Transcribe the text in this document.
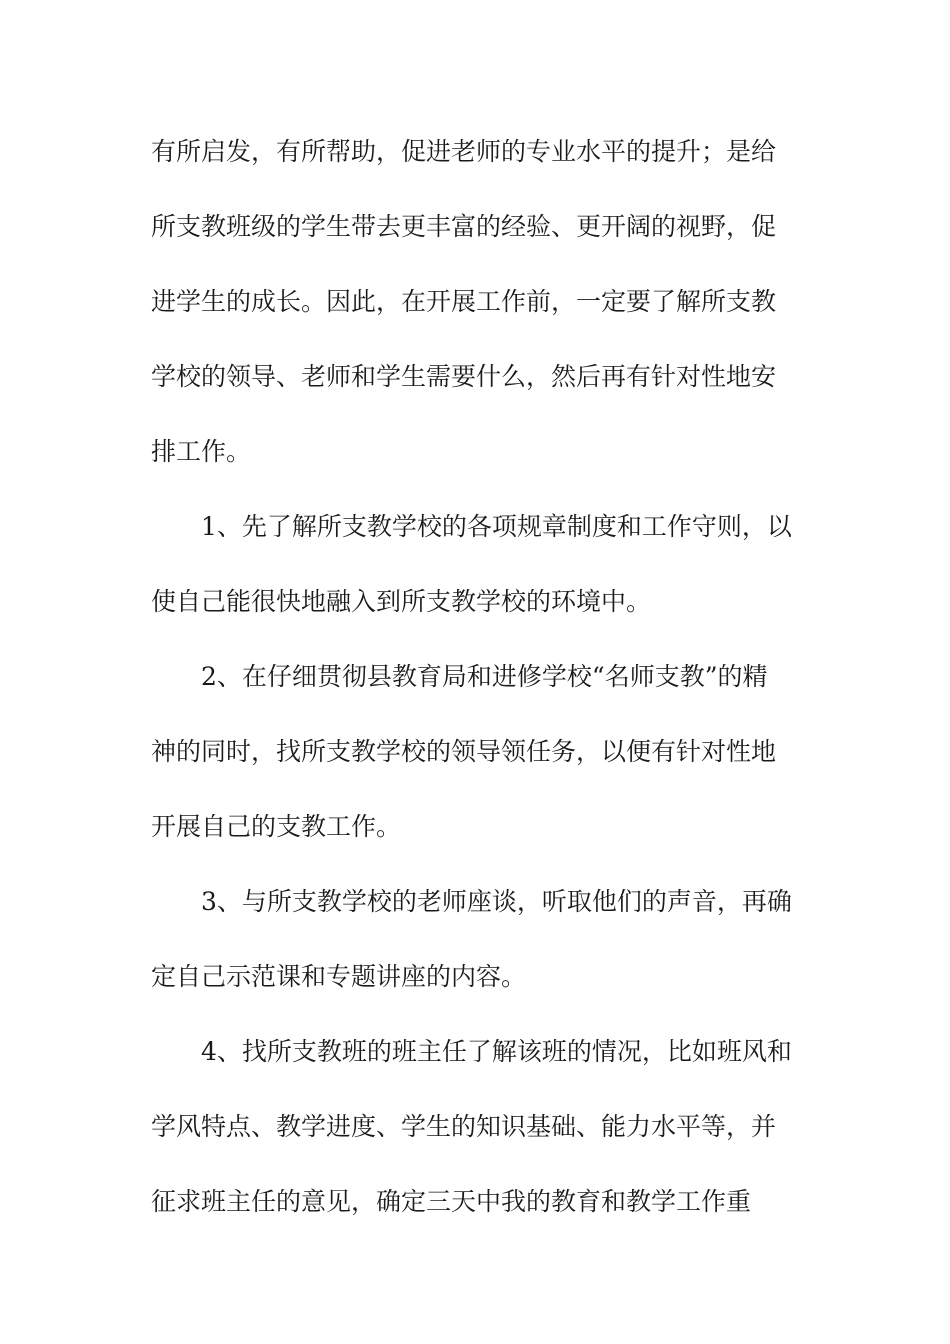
有所启发，有所帮助，促进老师的专业水平的提升；是给
所支教班级的学生带去更丰富的经验、更开阔的视野，促
进学生的成长。因此，在开展工作前，一定要了解所支教
学校的领导、老师和学生需要什么，然后再有针对性地安
排工作。
1、先了解所支教学校的各项规章制度和工作守则，以
使自己能很快地融入到所支教学校的环境中。
2、在仔细贯彻县教育局和进修学校“名师支教”的精
神的同时，找所支教学校的领导领任务，以便有针对性地
开展自己的支教工作。
3、与所支教学校的老师座谈，听取他们的声音，再确
定自己示范课和专题讲座的内容。
4、找所支教班的班主任了解该班的情况，比如班风和
学风特点、教学进度、学生的知识基础、能力水平等，并
征求班主任的意见，确定三天中我的教育和教学工作重
